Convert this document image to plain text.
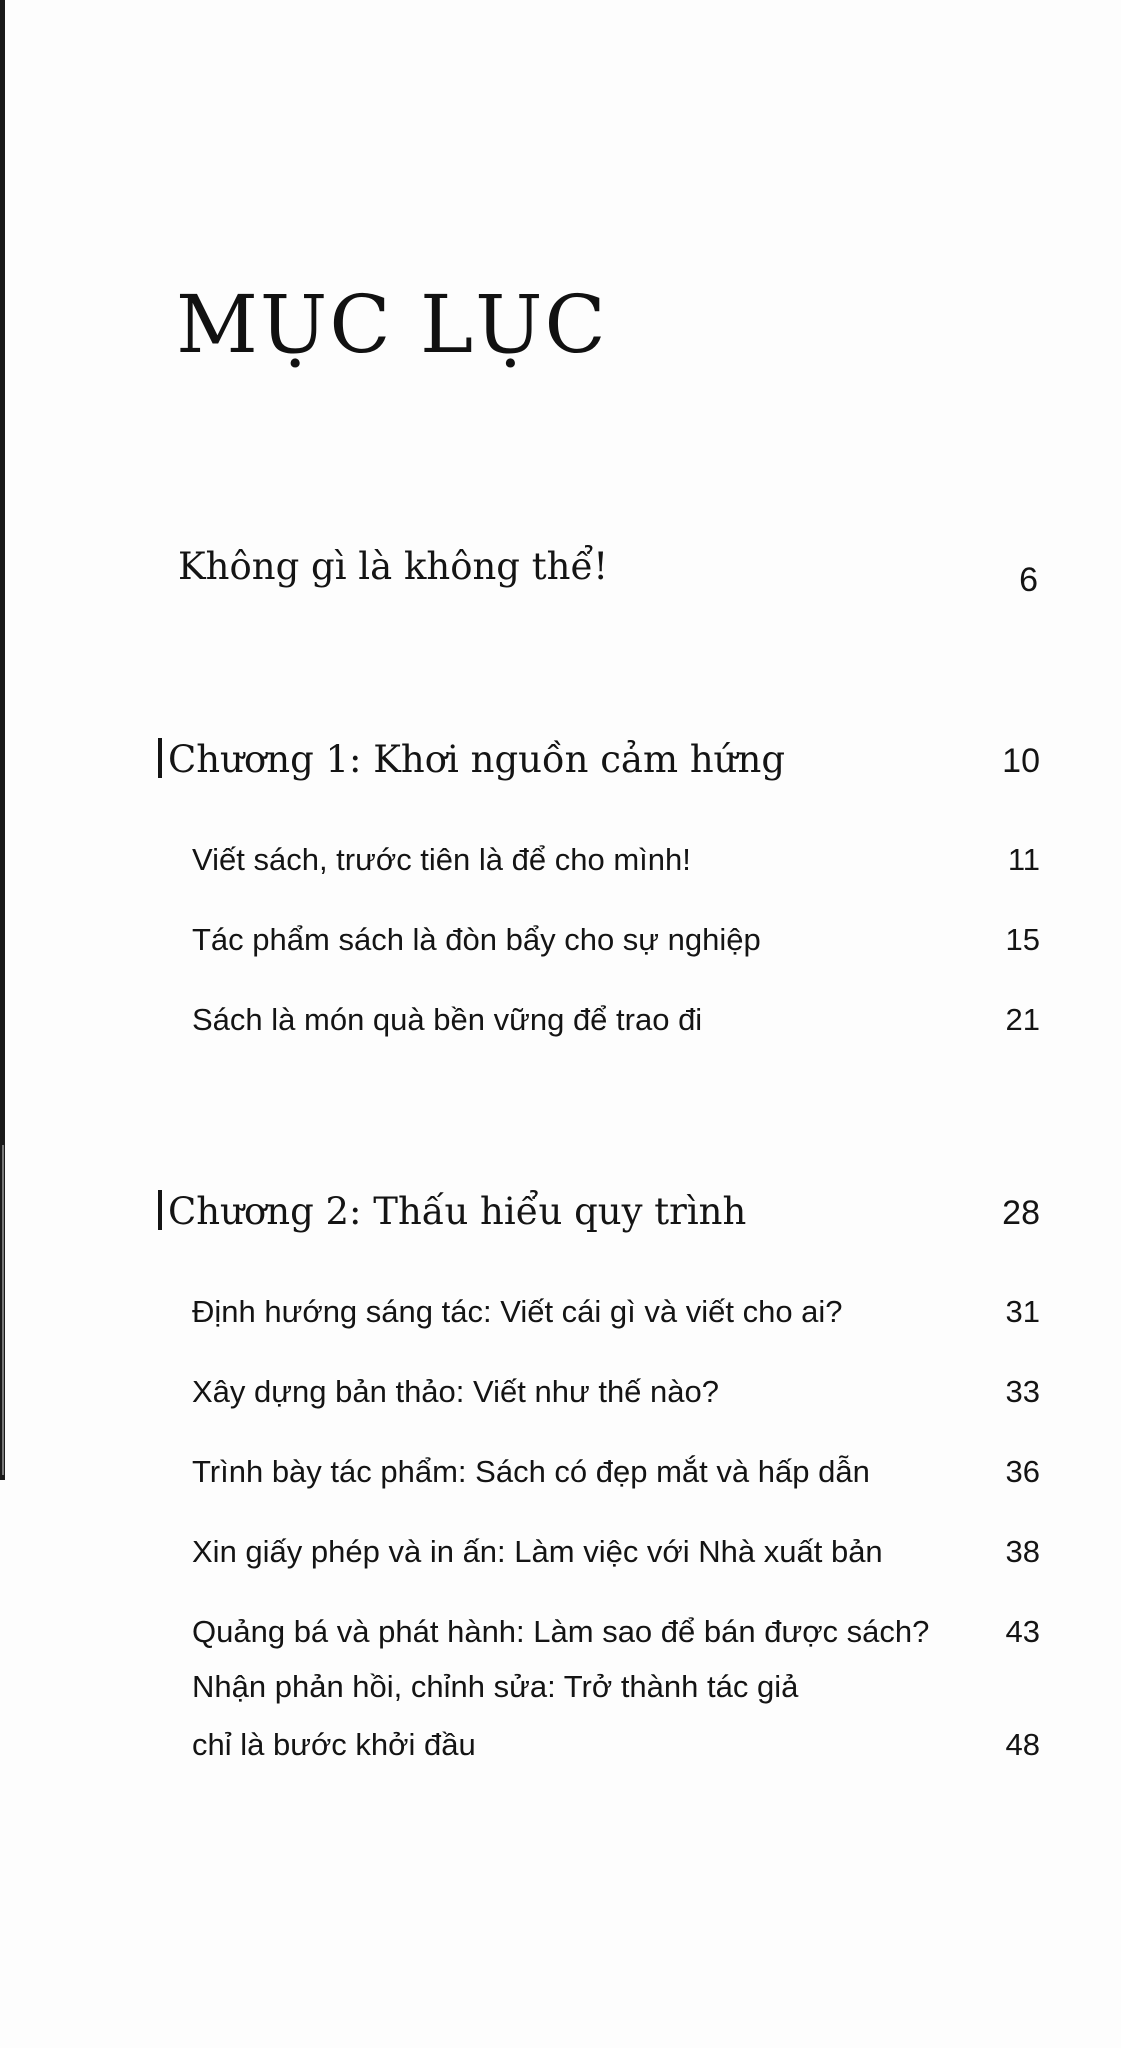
MỤC LỤC
Không gì là không thể!	6
Chương 1: Khơi nguồn cảm hứng	10
Viết sách, trước tiên là để cho mình!	11
Tác phẩm sách là đòn bẩy cho sự nghiệp	15
Sách là món quà bền vững để trao đi	21
Chương 2: Thấu hiểu quy trình	28
Định hướng sáng tác: Viết cái gì và viết cho ai?	31
Xây dựng bản thảo: Viết như thế nào?	33
Trình bày tác phẩm: Sách có đẹp mắt và hấp dẫn	36
Xin giấy phép và in ấn: Làm việc với Nhà xuất bản	38
Quảng bá và phát hành: Làm sao để bán được sách? 43
Nhận phản hồi, chỉnh sửa: Trở thành tác giả
chỉ là bước khởi đầu	48
